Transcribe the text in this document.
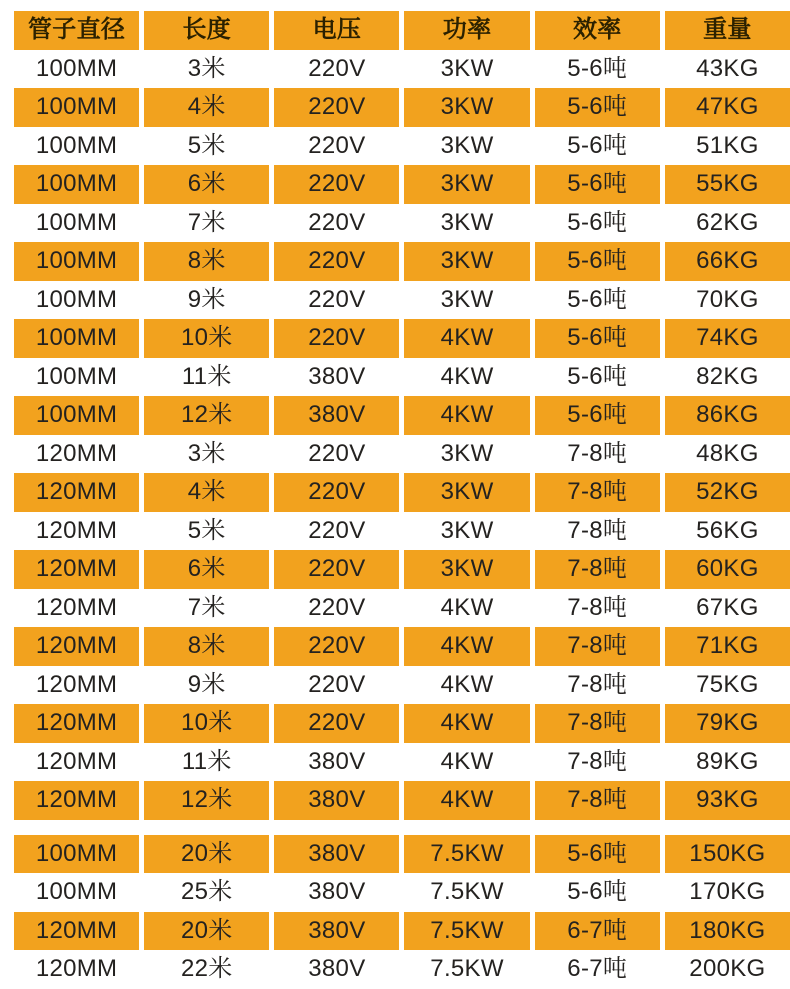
管子直径	长度	电压	功率	效率	重量
100MM	3米	220V	3KW	5-6吨	43KG
100MM	4米	220V	3KW	5-6吨	47KG
100MM	5米	220V	3KW	5-6吨	51KG
100MM	6米	220V	3KW	5-6吨	55KG
100MM	7米	220V	3KW	5-6吨	62KG
100MM	8米	220V	3KW	5-6吨	66KG
100MM	9米	220V	3KW	5-6吨	70KG
100MM	10米	220V	4KW	5-6吨	74KG
100MM	11米	380V	4KW	5-6吨	82KG
100MM	12米	380V	4KW	5-6吨	86KG
120MM	3米	220V	3KW	7-8吨	48KG
120MM	4米	220V	3KW	7-8吨	52KG
120MM	5米	220V	3KW	7-8吨	56KG
120MM	6米	220V	3KW	7-8吨	60KG
120MM	7米	220V	4KW	7-8吨	67KG
120MM	8米	220V	4KW	7-8吨	71KG
120MM	9米	220V	4KW	7-8吨	75KG
120MM	10米	220V	4KW	7-8吨	79KG
120MM	11米	380V	4KW	7-8吨	89KG
120MM	12米	380V	4KW	7-8吨	93KG
100MM	20米	380V	7.5KW	5-6吨	150KG
100MM	25米	380V	7.5KW	5-6吨	170KG
120MM	20米	380V	7.5KW	6-7吨	180KG
120MM	22米	380V	7.5KW	6-7吨	200KG
